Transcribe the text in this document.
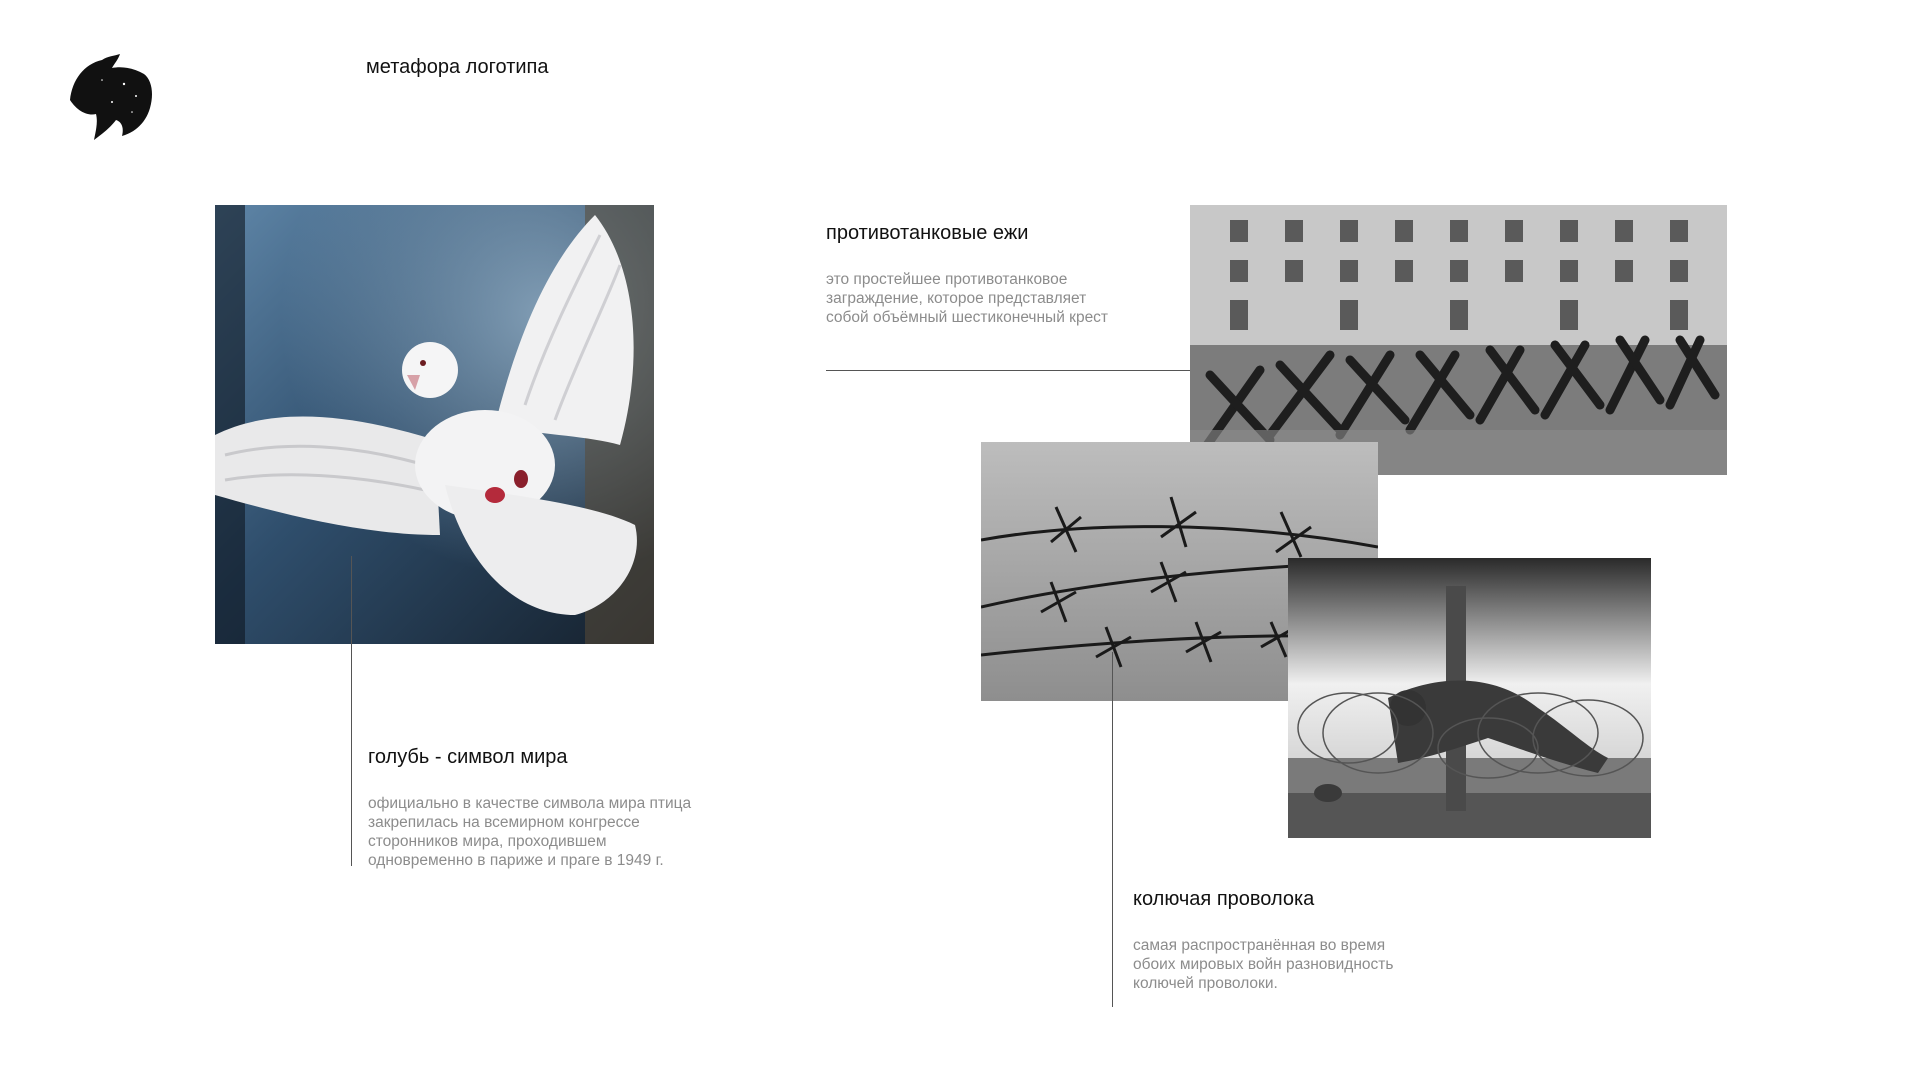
метафора логотипа
голубь - символ мира
официально в качестве символа мира птица
закрепилась на всемирном конгрессе
сторонников мира, проходившем
одновременно в париже и праге в 1949 г.
противотанковые ежи
это простейшее противотанковое
заграждение, которое представляет
собой объёмный шестиконечный крест
колючая проволока
самая распространённая во время
обоих мировых войн разновидность
колючей проволоки.
